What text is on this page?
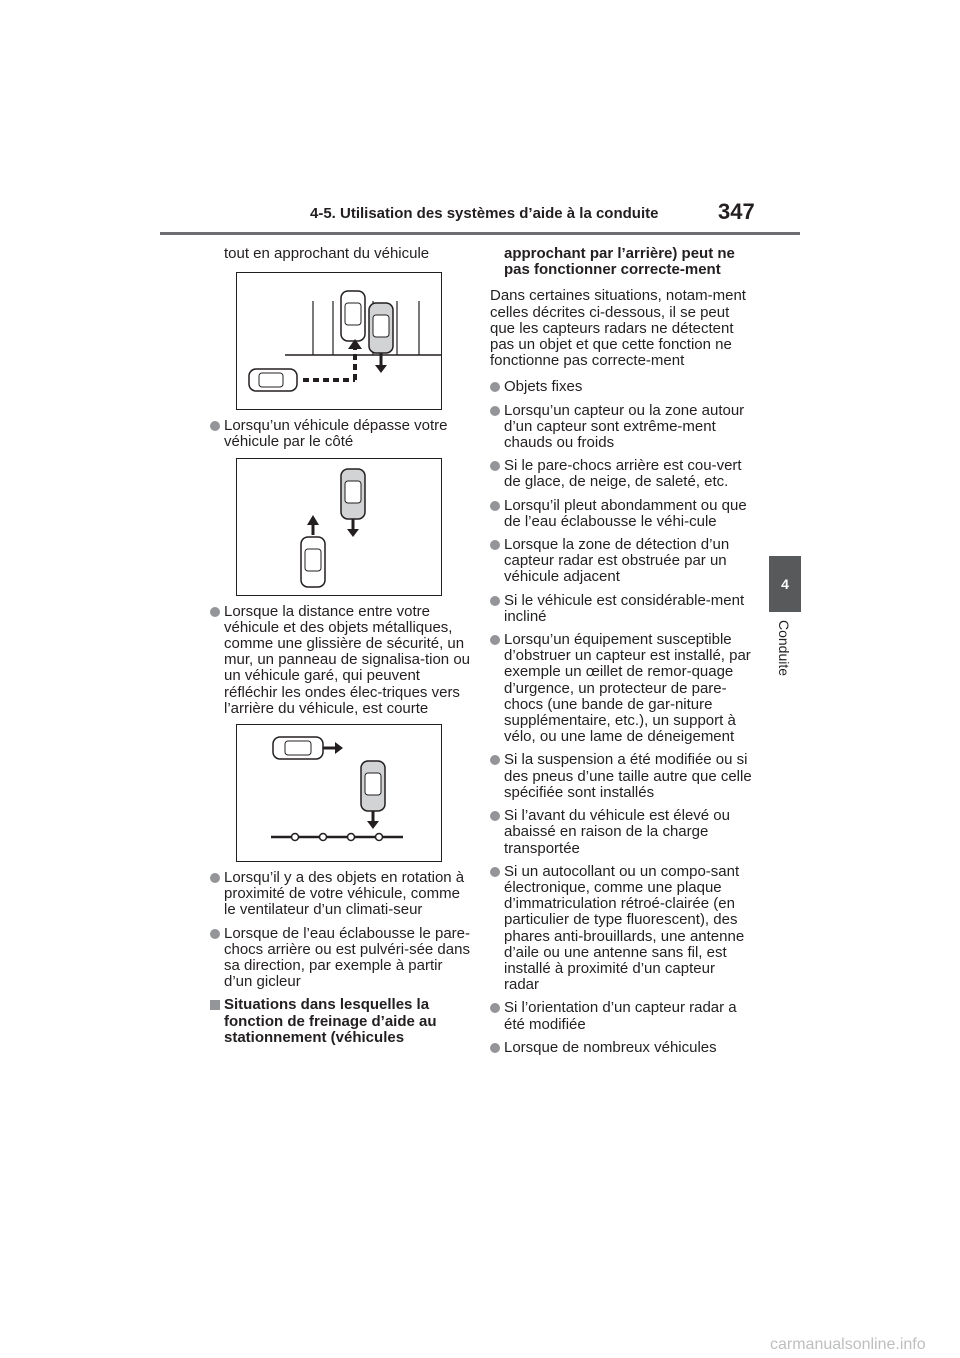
4-5. Utilisation des systèmes d’aide à la conduite	347
4
Conduite
tout en approchant du véhicule
Lorsqu’un véhicule dépasse votre véhicule par le côté
Lorsque la distance entre votre véhicule et des objets métalliques, comme une glissière de sécurité, un mur, un panneau de signalisa-tion ou un véhicule garé, qui peuvent réfléchir les ondes élec-triques vers l’arrière du véhicule, est courte
Lorsqu’il y a des objets en rotation à proximité de votre véhicule, comme le ventilateur d’un climati-seur
Lorsque de l’eau éclabousse le pare-chocs arrière ou est pulvéri-sée dans sa direction, par exemple à partir d’un gicleur
Situations dans lesquelles la fonction de freinage d’aide au stationnement (véhicules
approchant par l’arrière) peut ne pas fonctionner correcte-ment
Dans certaines situations, notam-ment celles décrites ci-dessous, il se peut que les capteurs radars ne détectent pas un objet et que cette fonction ne fonctionne pas correcte-ment
Objets fixes
Lorsqu’un capteur ou la zone autour d’un capteur sont extrême-ment chauds ou froids
Si le pare-chocs arrière est cou-vert de glace, de neige, de saleté, etc.
Lorsqu’il pleut abondamment ou que de l’eau éclabousse le véhi-cule
Lorsque la zone de détection d’un capteur radar est obstruée par un véhicule adjacent
Si le véhicule est considérable-ment incliné
Lorsqu’un équipement susceptible d’obstruer un capteur est installé, par exemple un œillet de remor-quage d’urgence, un protecteur de pare-chocs (une bande de gar-niture supplémentaire, etc.), un support à vélo, ou une lame de déneigement
Si la suspension a été modifiée ou si des pneus d’une taille autre que celle spécifiée sont installés
Si l’avant du véhicule est élevé ou abaissé en raison de la charge transportée
Si un autocollant ou un compo-sant électronique, comme une plaque d’immatriculation rétroé-clairée (en particulier de type fluorescent), des phares anti-brouillards, une antenne d’aile ou une antenne sans fil, est installé à proximité d’un capteur radar
Si l’orientation d’un capteur radar a été modifiée
Lorsque de nombreux véhicules
carmanualsonline.info
